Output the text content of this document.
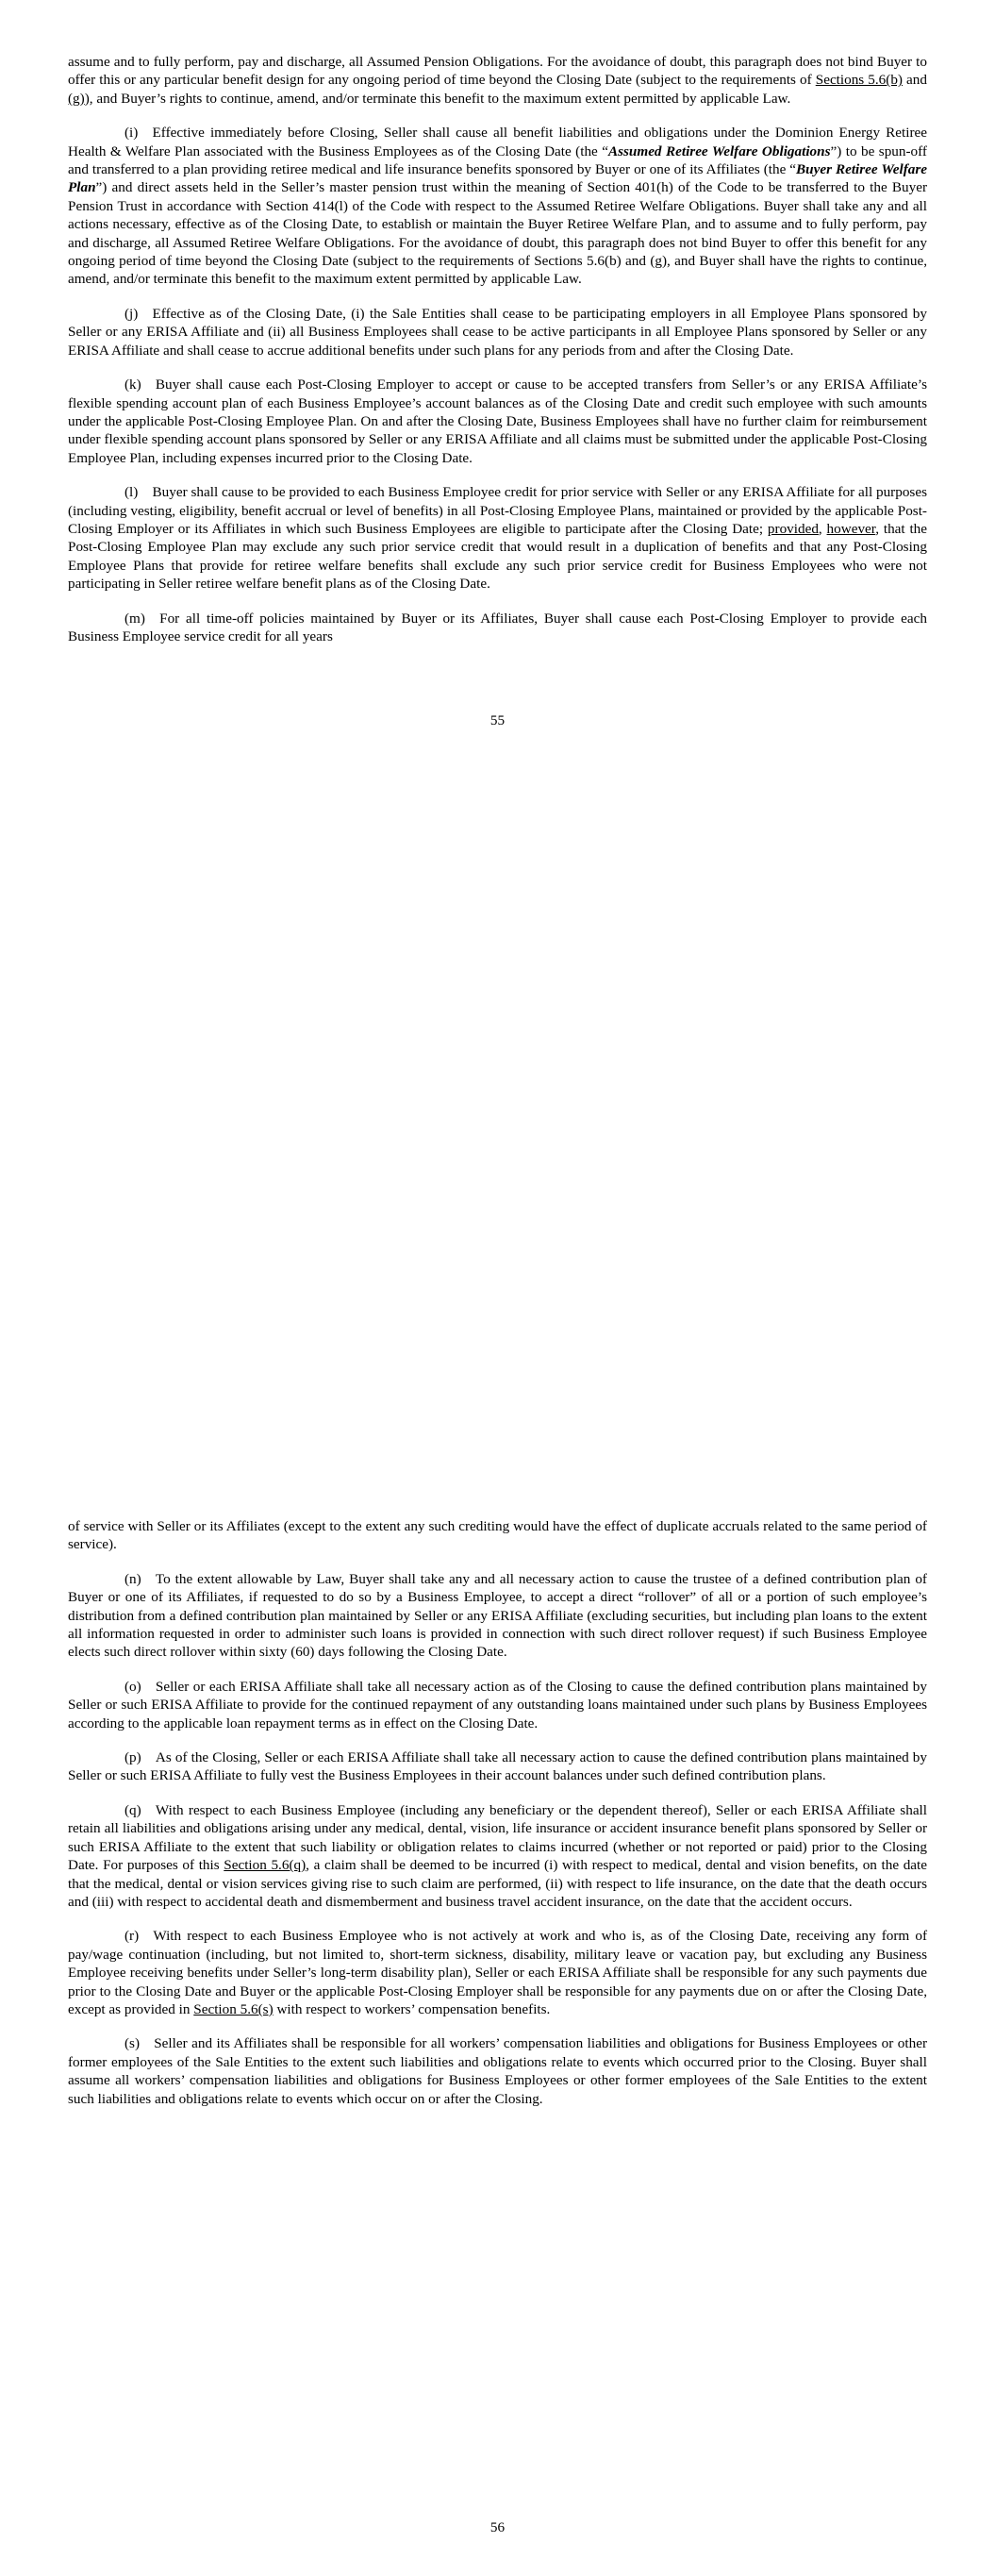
assume and to fully perform, pay and discharge, all Assumed Pension Obligations. For the avoidance of doubt, this paragraph does not bind Buyer to offer this or any particular benefit design for any ongoing period of time beyond the Closing Date (subject to the requirements of Sections 5.6(b) and (g)), and Buyer’s rights to continue, amend, and/or terminate this benefit to the maximum extent permitted by applicable Law.

(i) Effective immediately before Closing, Seller shall cause all benefit liabilities and obligations under the Dominion Energy Retiree Health & Welfare Plan associated with the Business Employees as of the Closing Date (the “Assumed Retiree Welfare Obligations”) to be spun-off and transferred to a plan providing retiree medical and life insurance benefits sponsored by Buyer or one of its Affiliates (the “Buyer Retiree Welfare Plan”) and direct assets held in the Seller’s master pension trust within the meaning of Section 401(h) of the Code to be transferred to the Buyer Pension Trust in accordance with Section 414(l) of the Code with respect to the Assumed Retiree Welfare Obligations. Buyer shall take any and all actions necessary, effective as of the Closing Date, to establish or maintain the Buyer Retiree Welfare Plan, and to assume and to fully perform, pay and discharge, all Assumed Retiree Welfare Obligations. For the avoidance of doubt, this paragraph does not bind Buyer to offer this benefit for any ongoing period of time beyond the Closing Date (subject to the requirements of Sections 5.6(b) and (g), and Buyer shall have the rights to continue, amend, and/or terminate this benefit to the maximum extent permitted by applicable Law.

(j) Effective as of the Closing Date, (i) the Sale Entities shall cease to be participating employers in all Employee Plans sponsored by Seller or any ERISA Affiliate and (ii) all Business Employees shall cease to be active participants in all Employee Plans sponsored by Seller or any ERISA Affiliate and shall cease to accrue additional benefits under such plans for any periods from and after the Closing Date.

(k) Buyer shall cause each Post-Closing Employer to accept or cause to be accepted transfers from Seller’s or any ERISA Affiliate’s flexible spending account plan of each Business Employee’s account balances as of the Closing Date and credit such employee with such amounts under the applicable Post-Closing Employee Plan. On and after the Closing Date, Business Employees shall have no further claim for reimbursement under flexible spending account plans sponsored by Seller or any ERISA Affiliate and all claims must be submitted under the applicable Post-Closing Employee Plan, including expenses incurred prior to the Closing Date.

(l) Buyer shall cause to be provided to each Business Employee credit for prior service with Seller or any ERISA Affiliate for all purposes (including vesting, eligibility, benefit accrual or level of benefits) in all Post-Closing Employee Plans, maintained or provided by the applicable Post-Closing Employer or its Affiliates in which such Business Employees are eligible to participate after the Closing Date; provided, however, that the Post-Closing Employee Plan may exclude any such prior service credit that would result in a duplication of benefits and that any Post-Closing Employee Plans that provide for retiree welfare benefits shall exclude any such prior service credit for Business Employees who were not participating in Seller retiree welfare benefit plans as of the Closing Date.

(m) For all time-off policies maintained by Buyer or its Affiliates, Buyer shall cause each Post-Closing Employer to provide each Business Employee service credit for all years

55

of service with Seller or its Affiliates (except to the extent any such crediting would have the effect of duplicate accruals related to the same period of service).

(n) To the extent allowable by Law, Buyer shall take any and all necessary action to cause the trustee of a defined contribution plan of Buyer or one of its Affiliates, if requested to do so by a Business Employee, to accept a direct “rollover” of all or a portion of such employee’s distribution from a defined contribution plan maintained by Seller or any ERISA Affiliate (excluding securities, but including plan loans to the extent all information requested in order to administer such loans is provided in connection with such direct rollover request) if such Business Employee elects such direct rollover within sixty (60) days following the Closing Date.

(o) Seller or each ERISA Affiliate shall take all necessary action as of the Closing to cause the defined contribution plans maintained by Seller or such ERISA Affiliate to provide for the continued repayment of any outstanding loans maintained under such plans by Business Employees according to the applicable loan repayment terms as in effect on the Closing Date.

(p) As of the Closing, Seller or each ERISA Affiliate shall take all necessary action to cause the defined contribution plans maintained by Seller or such ERISA Affiliate to fully vest the Business Employees in their account balances under such defined contribution plans.

(q) With respect to each Business Employee (including any beneficiary or the dependent thereof), Seller or each ERISA Affiliate shall retain all liabilities and obligations arising under any medical, dental, vision, life insurance or accident insurance benefit plans sponsored by Seller or such ERISA Affiliate to the extent that such liability or obligation relates to claims incurred (whether or not reported or paid) prior to the Closing Date. For purposes of this Section 5.6(q), a claim shall be deemed to be incurred (i) with respect to medical, dental and vision benefits, on the date that the medical, dental or vision services giving rise to such claim are performed, (ii) with respect to life insurance, on the date that the death occurs and (iii) with respect to accidental death and dismemberment and business travel accident insurance, on the date that the accident occurs.

(r) With respect to each Business Employee who is not actively at work and who is, as of the Closing Date, receiving any form of pay/wage continuation (including, but not limited to, short-term sickness, disability, military leave or vacation pay, but excluding any Business Employee receiving benefits under Seller’s long-term disability plan), Seller or each ERISA Affiliate shall be responsible for any such payments due prior to the Closing Date and Buyer or the applicable Post-Closing Employer shall be responsible for any payments due on or after the Closing Date, except as provided in Section 5.6(s) with respect to workers’ compensation benefits.

(s) Seller and its Affiliates shall be responsible for all workers’ compensation liabilities and obligations for Business Employees or other former employees of the Sale Entities to the extent such liabilities and obligations relate to events which occurred prior to the Closing. Buyer shall assume all workers’ compensation liabilities and obligations for Business Employees or other former employees of the Sale Entities to the extent such liabilities and obligations relate to events which occur on or after the Closing.

56
